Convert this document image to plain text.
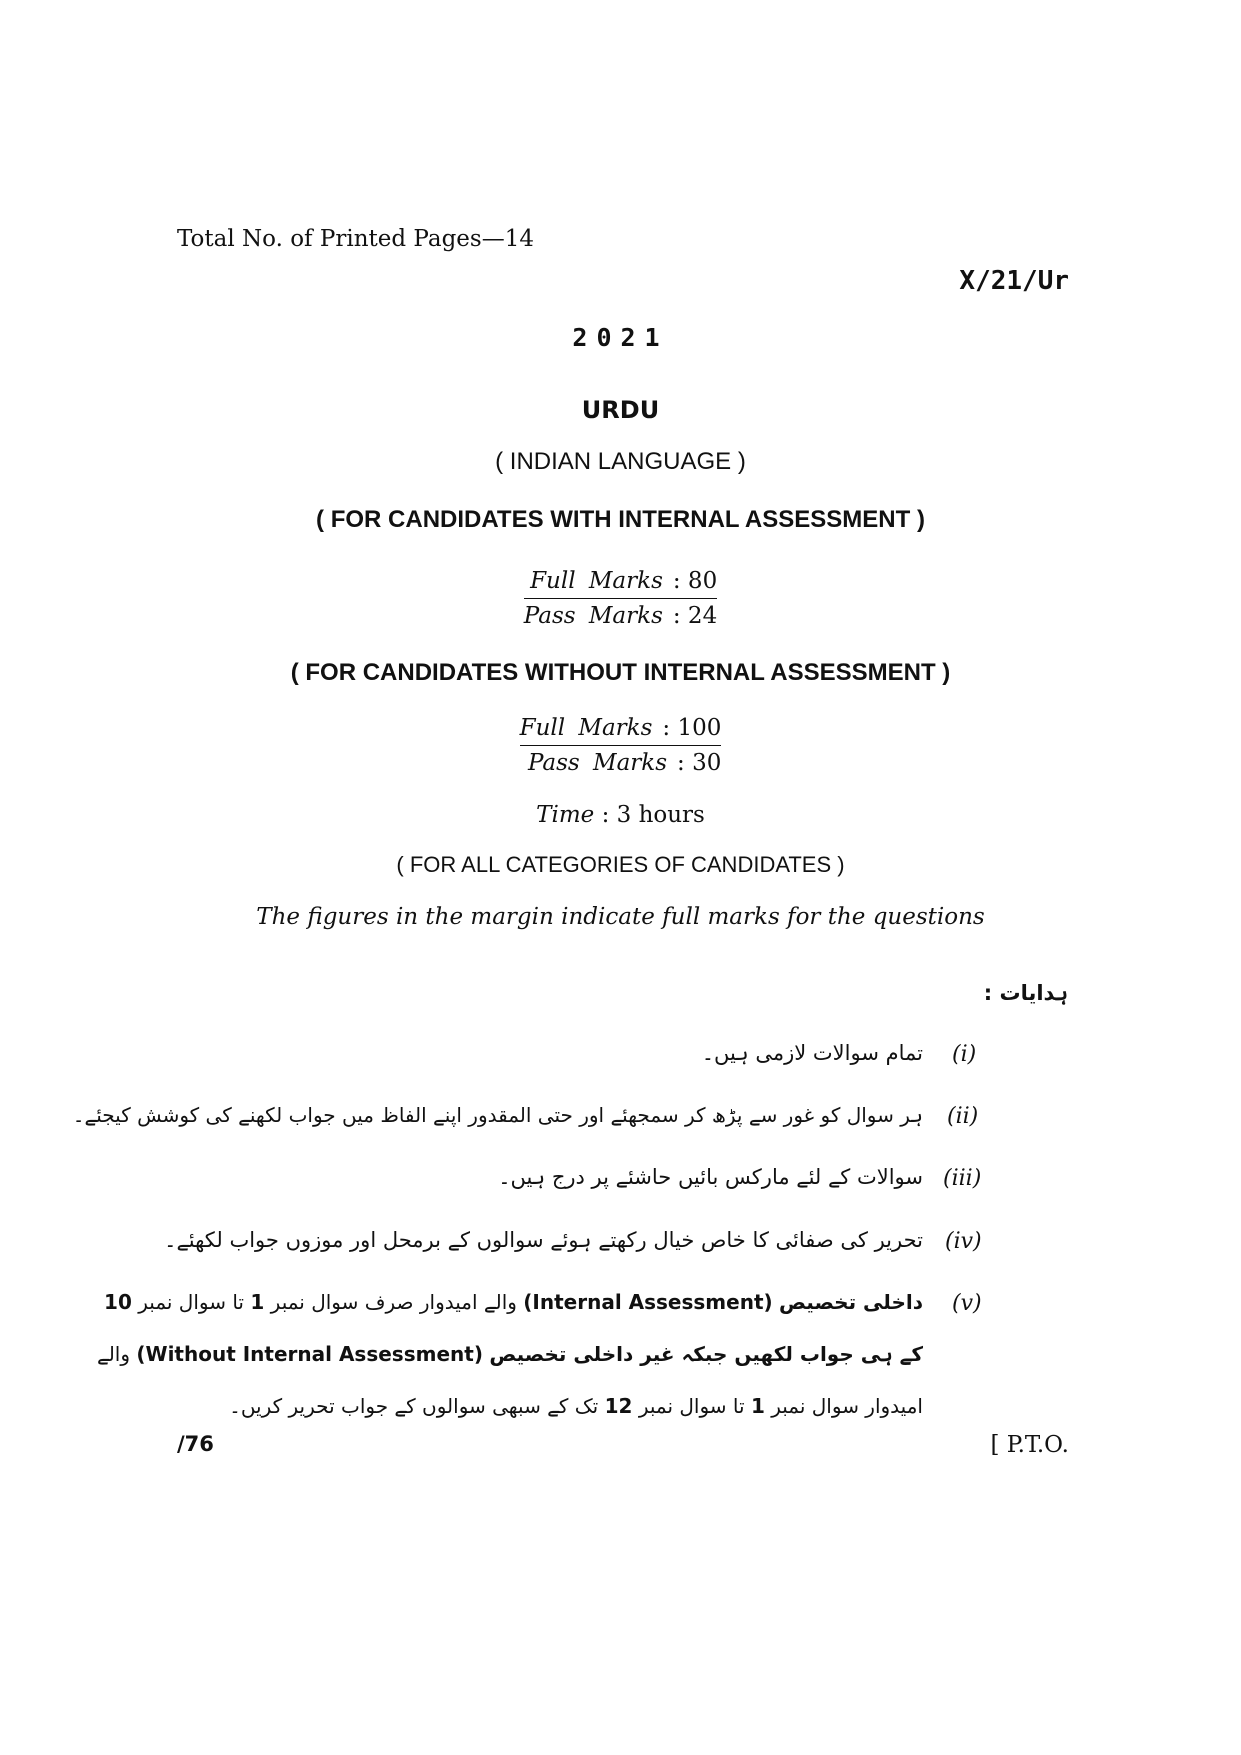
Total No. of Printed Pages—14
X/21/Ur
2021
URDU
( INDIAN LANGUAGE )
( FOR CANDIDATES WITH INTERNAL ASSESSMENT )
Full Marks : 80
Pass Marks : 24
( FOR CANDIDATES WITHOUT INTERNAL ASSESSMENT )
Full Marks : 100
Pass Marks : 30
Time : 3 hours
( FOR ALL CATEGORIES OF CANDIDATES )
The figures in the margin indicate full marks for the questions
ہدایات :
(i)
تمام سوالات لازمی ہیں۔
(ii)
ہر سوال کو غور سے پڑھ کر سمجھئے اور حتی المقدور اپنے الفاظ میں جواب لکھنے کی کوشش کیجئے۔
(iii)
سوالات کے لئے مارکس بائیں حاشئے پر درج ہیں۔
(iv)
تحریر کی صفائی کا خاص خیال رکھتے ہوئے سوالوں کے برمحل اور موزوں جواب لکھئے۔
(v)
داخلی تخصیص (Internal Assessment) والے امیدوار صرف سوال نمبر 1 تا سوال نمبر 10
کے ہی جواب لکھیں جبکہ غیر داخلی تخصیص (Without Internal Assessment) والے
امیدوار سوال نمبر 1 تا سوال نمبر 12 تک کے سبھی سوالوں کے جواب تحریر کریں۔
/76	[ P.T.O.
